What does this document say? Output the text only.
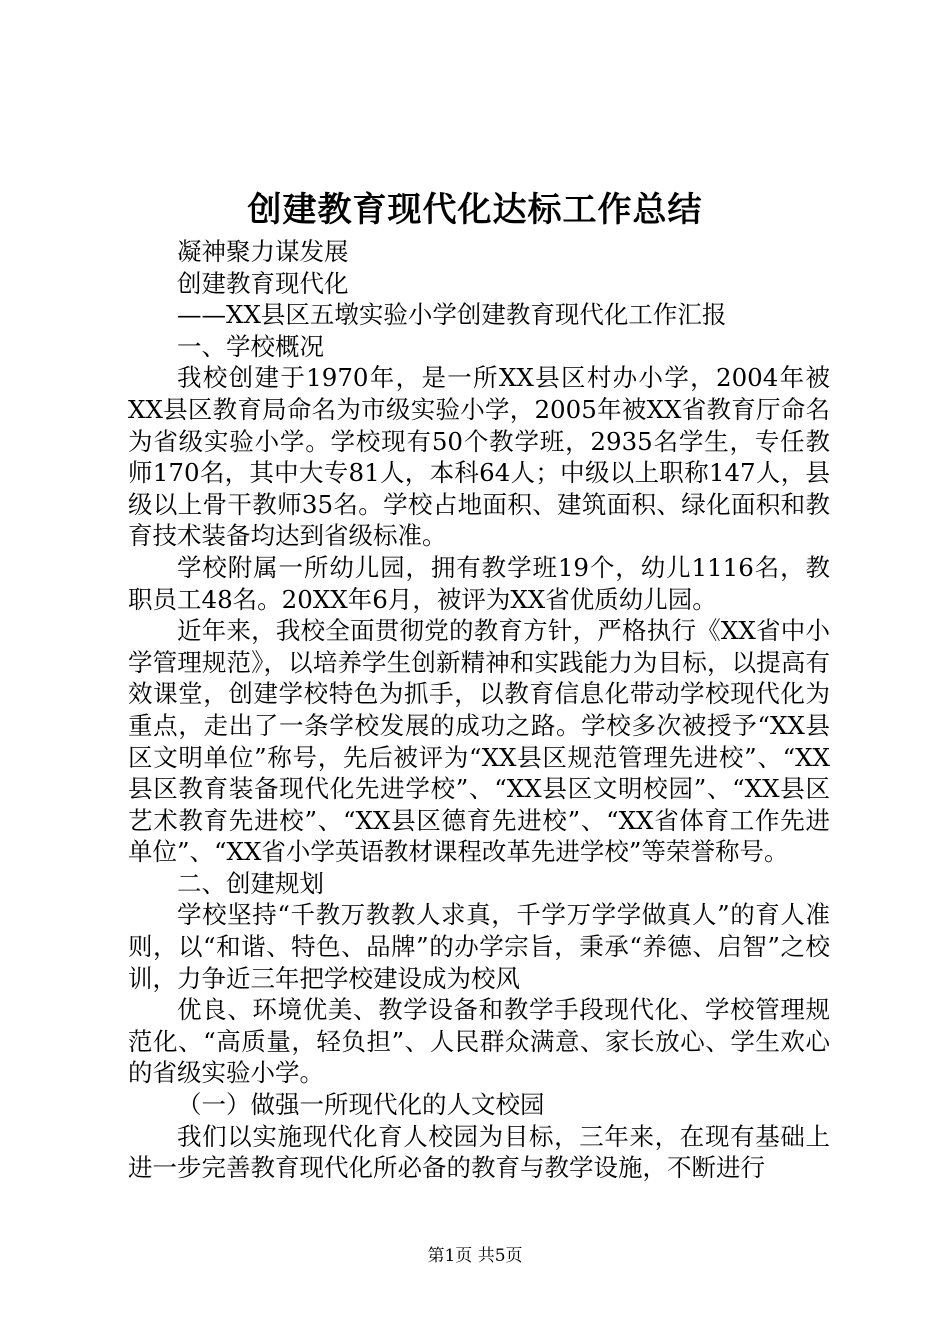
创建教育现代化达标工作总结

凝神聚力谋发展

创建教育现代化

——XX县区五墩实验小学创建教育现代化工作汇报

一、学校概况

我校创建于1970年，是一所XX县区村办小学，2004年被XX县区教育局命名为市级实验小学，2005年被XX省教育厅命名为省级实验小学。学校现有50个教学班，2935名学生，专任教师170名，其中大专81人，本科64人；中级以上职称147人，县级以上骨干教师35名。学校占地面积、建筑面积、绿化面积和教育技术装备均达到省级标准。

学校附属一所幼儿园，拥有教学班19个，幼儿1116名，教职员工48名。20XX年6月，被评为XX省优质幼儿园。

近年来，我校全面贯彻党的教育方针，严格执行《XX省中小学管理规范》，以培养学生创新精神和实践能力为目标，以提高有效课堂，创建学校特色为抓手，以教育信息化带动学校现代化为重点，走出了一条学校发展的成功之路。学校多次被授予“XX县区文明单位”称号，先后被评为“XX县区规范管理先进校”、“XX县区教育装备现代化先进学校”、“XX县区文明校园”、“XX县区艺术教育先进校”、“XX县区德育先进校”、“XX省体育工作先进单位”、“XX省小学英语教材课程改革先进学校”等荣誉称号。

二、创建规划

学校坚持“千教万教教人求真，千学万学学做真人”的育人准则，以“和谐、特色、品牌”的办学宗旨，秉承“养德、启智”之校训，力争近三年把学校建设成为校风

优良、环境优美、教学设备和教学手段现代化、学校管理规范化、“高质量，轻负担”、人民群众满意、家长放心、学生欢心的省级实验小学。

（一）做强一所现代化的人文校园

我们以实施现代化育人校园为目标，三年来，在现有基础上进一步完善教育现代化所必备的教育与教学设施，不断进行

第1页 共5页
